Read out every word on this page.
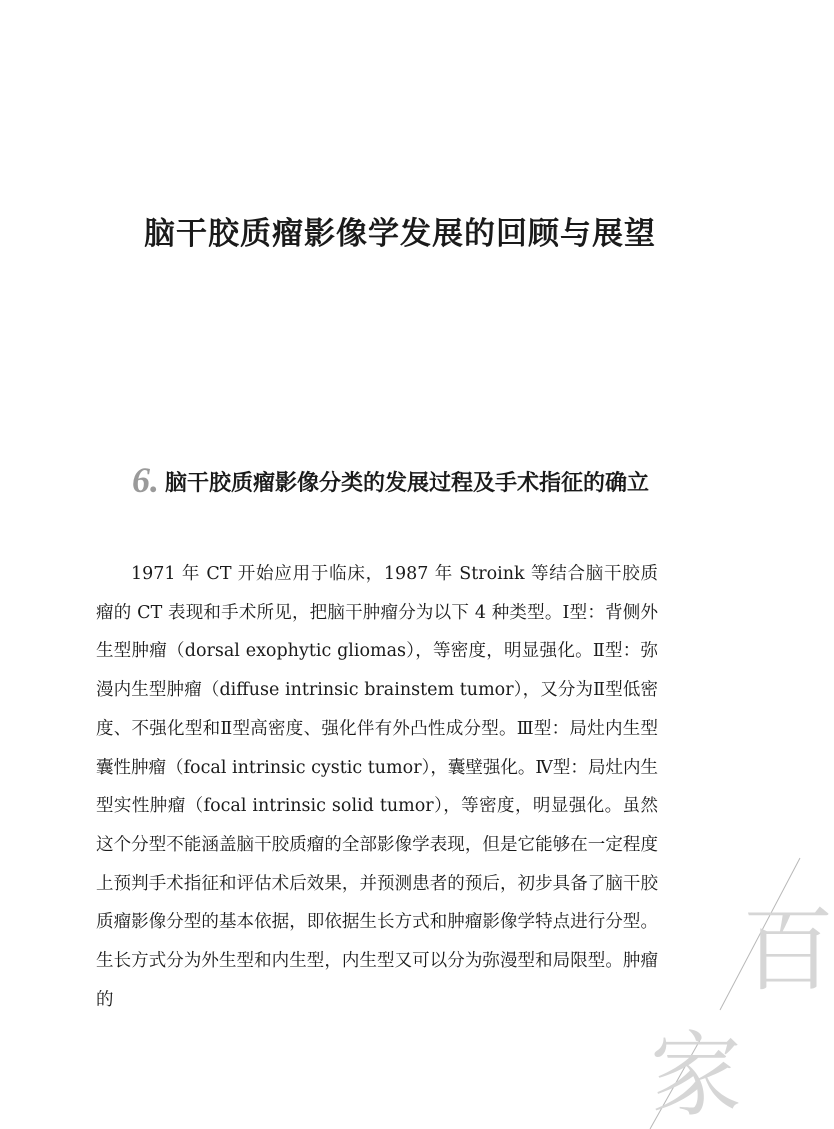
脑干胶质瘤影像学发展的回顾与展望
6. 脑干胶质瘤影像分类的发展过程及手术指征的确立

1971 年 CT 开始应用于临床，1987 年 Stroink 等结合脑干胶质瘤的 CT 表现和手术所见，把脑干肿瘤分为以下 4 种类型。Ⅰ型：背侧外生型肿瘤（dorsal exophytic gliomas），等密度，明显强化。Ⅱ型：弥漫内生型肿瘤（diffuse intrinsic brainstem tumor），又分为Ⅱ型低密度、不强化型和Ⅱ型高密度、强化伴有外凸性成分型。Ⅲ型：局灶内生型囊性肿瘤（focal intrinsic cystic tumor），囊壁强化。Ⅳ型：局灶内生型实性肿瘤（focal intrinsic solid tumor），等密度，明显强化。虽然这个分型不能涵盖脑干胶质瘤的全部影像学表现，但是它能够在一定程度上预判手术指征和评估术后效果，并预测患者的预后，初步具备了脑干胶质瘤影像分型的基本依据，即依据生长方式和肿瘤影像学特点进行分型。生长方式分为外生型和内生型，内生型又可以分为弥漫型和局限型。肿瘤的	百
家
